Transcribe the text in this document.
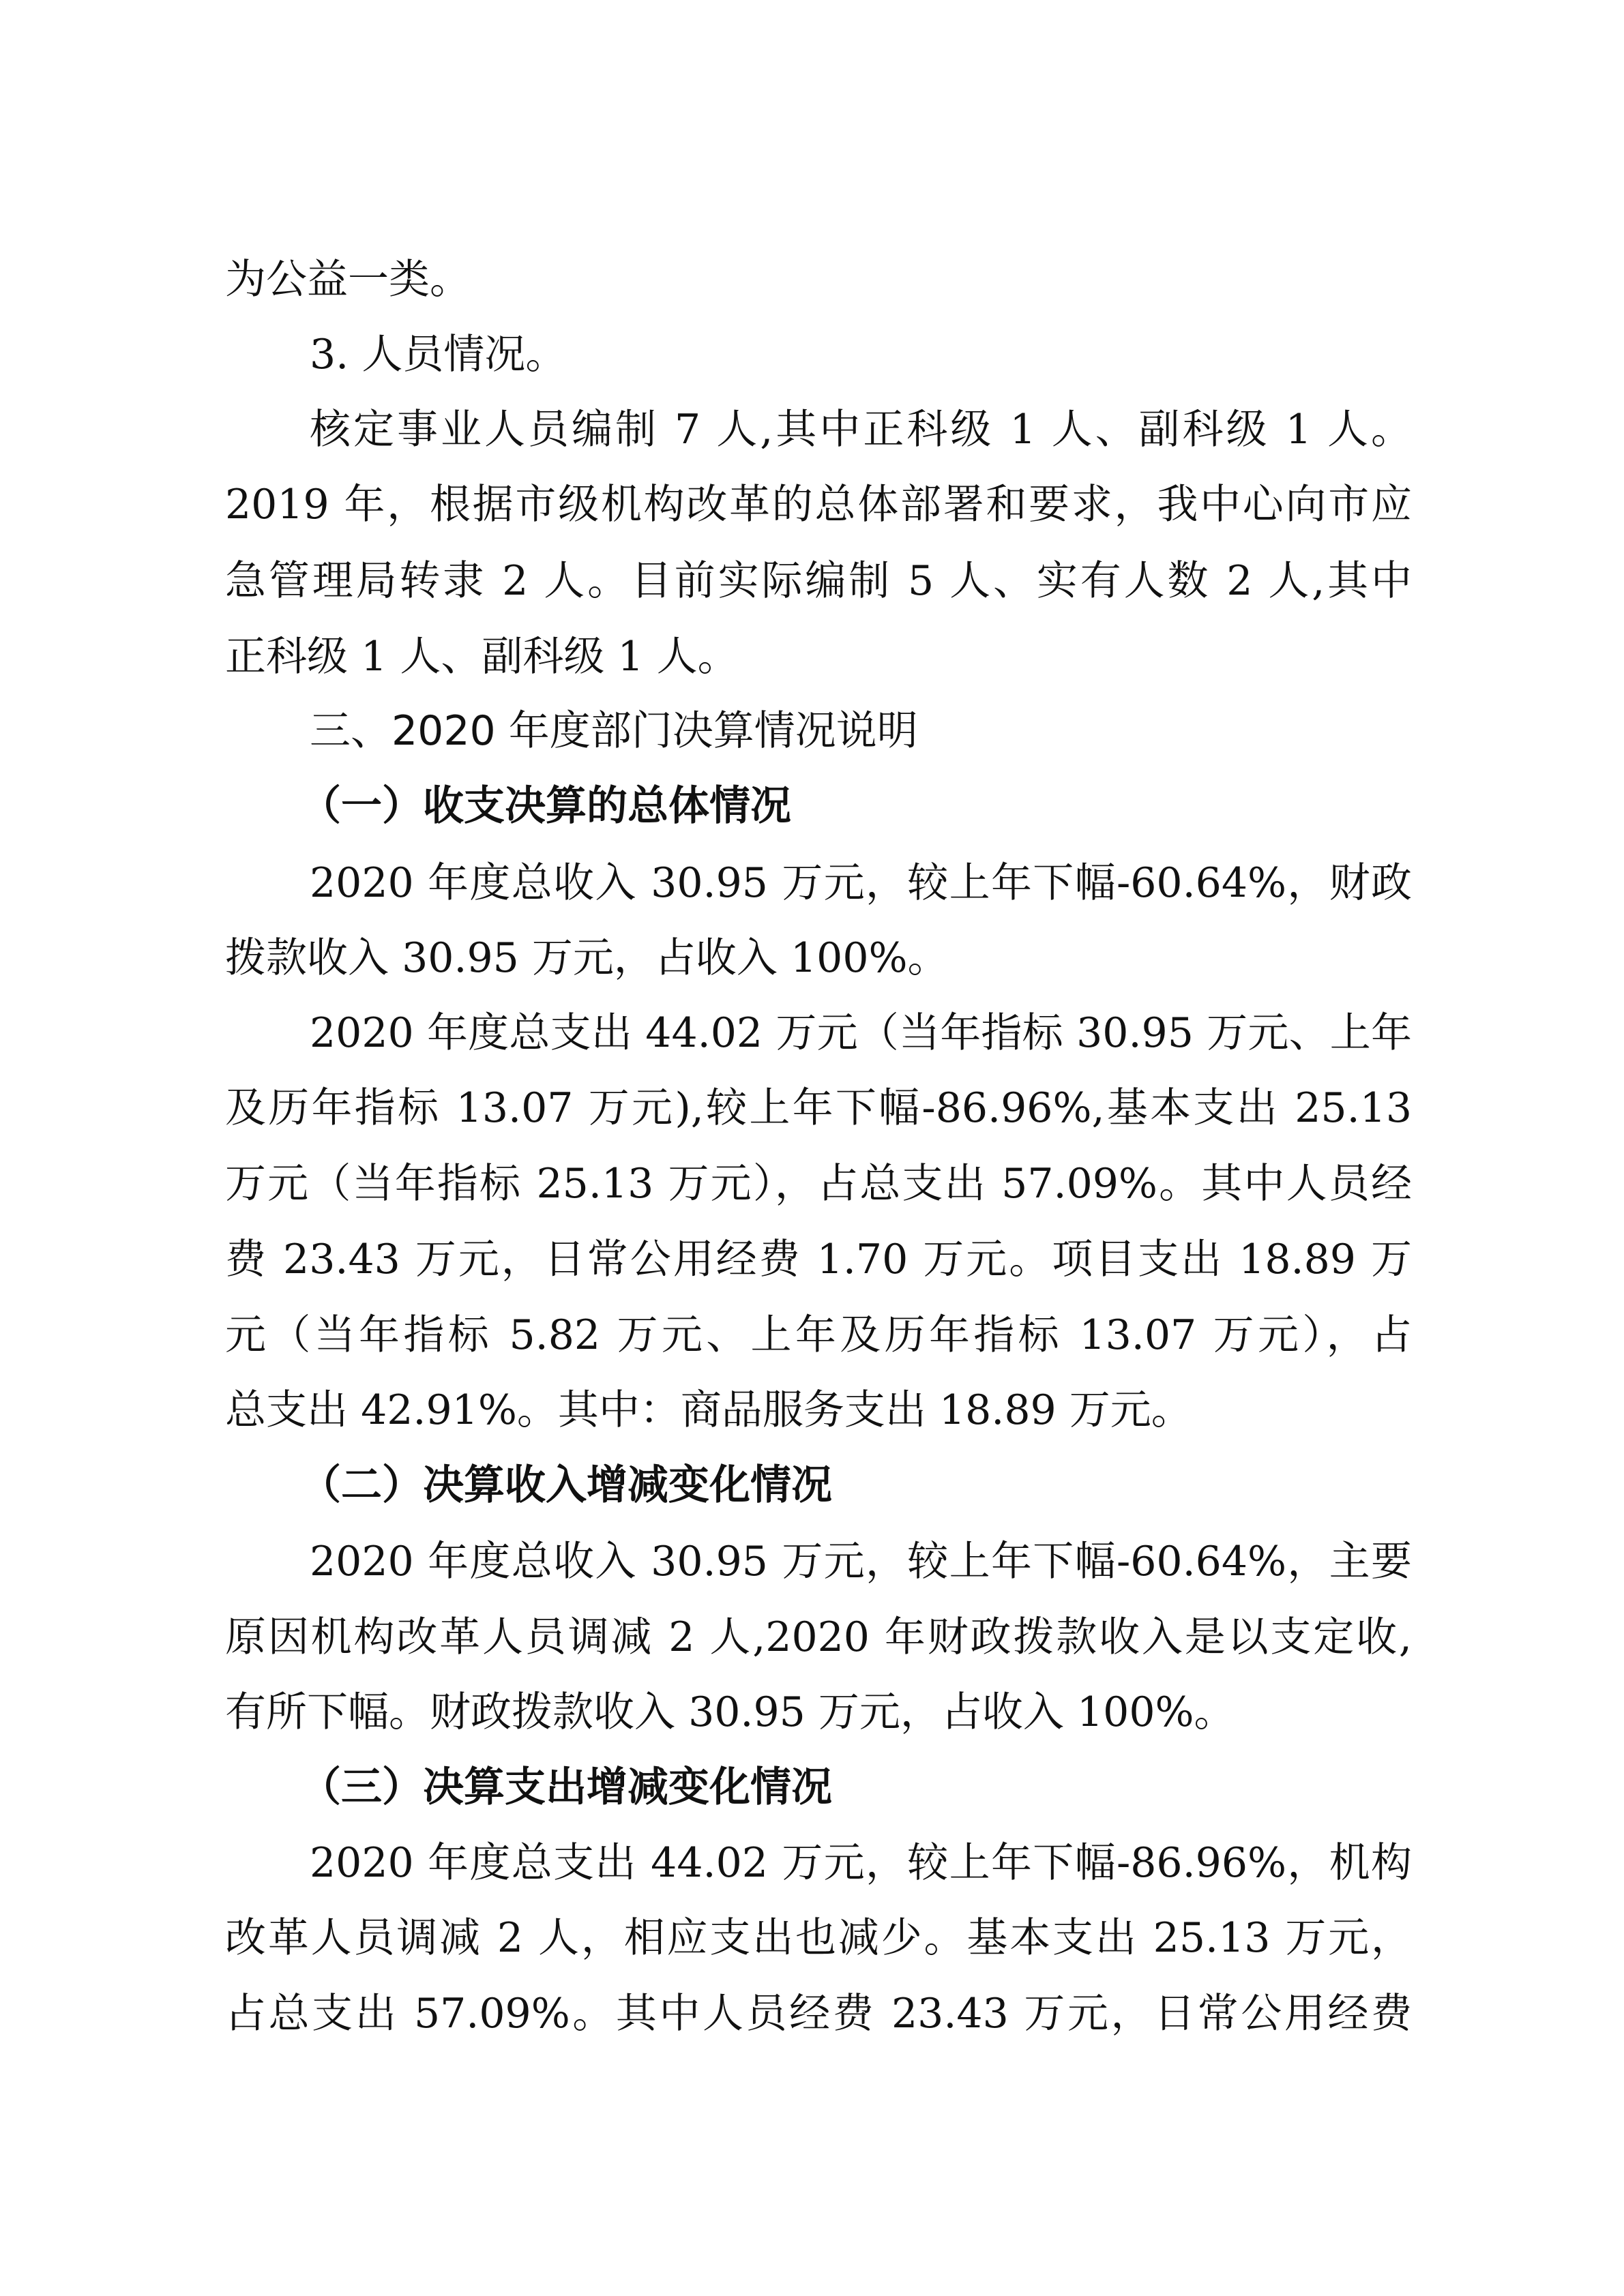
为公益一类。
3. 人员情况。
核定事业人员编制 7 人,其中正科级 1 人、副科级 1 人。
2019 年，根据市级机构改革的总体部署和要求，我中心向市应
急管理局转隶 2 人。目前实际编制 5 人、实有人数 2 人,其中
正科级 1 人、副科级 1 人。
三、2020 年度部门决算情况说明
（一）收支决算的总体情况
2020 年度总收入 30.95 万元，较上年下幅-60.64%，财政
拨款收入 30.95 万元，占收入 100%。
2020 年度总支出 44.02 万元（当年指标 30.95 万元、上年
及历年指标 13.07 万元),较上年下幅-86.96%,基本支出 25.13
万元（当年指标 25.13 万元），占总支出 57.09%。其中人员经
费 23.43 万元，日常公用经费 1.70 万元。项目支出 18.89 万
元（当年指标 5.82 万元、上年及历年指标 13.07 万元），占
总支出 42.91%。其中：商品服务支出 18.89 万元。
（二）决算收入增减变化情况
2020 年度总收入 30.95 万元，较上年下幅-60.64%，主要
原因机构改革人员调减 2 人,2020 年财政拨款收入是以支定收,
有所下幅。财政拨款收入 30.95 万元，占收入 100%。
（三）决算支出增减变化情况
2020 年度总支出 44.02 万元，较上年下幅-86.96%，机构
改革人员调减 2 人，相应支出也减少。基本支出 25.13 万元，
占总支出 57.09%。其中人员经费 23.43 万元，日常公用经费
